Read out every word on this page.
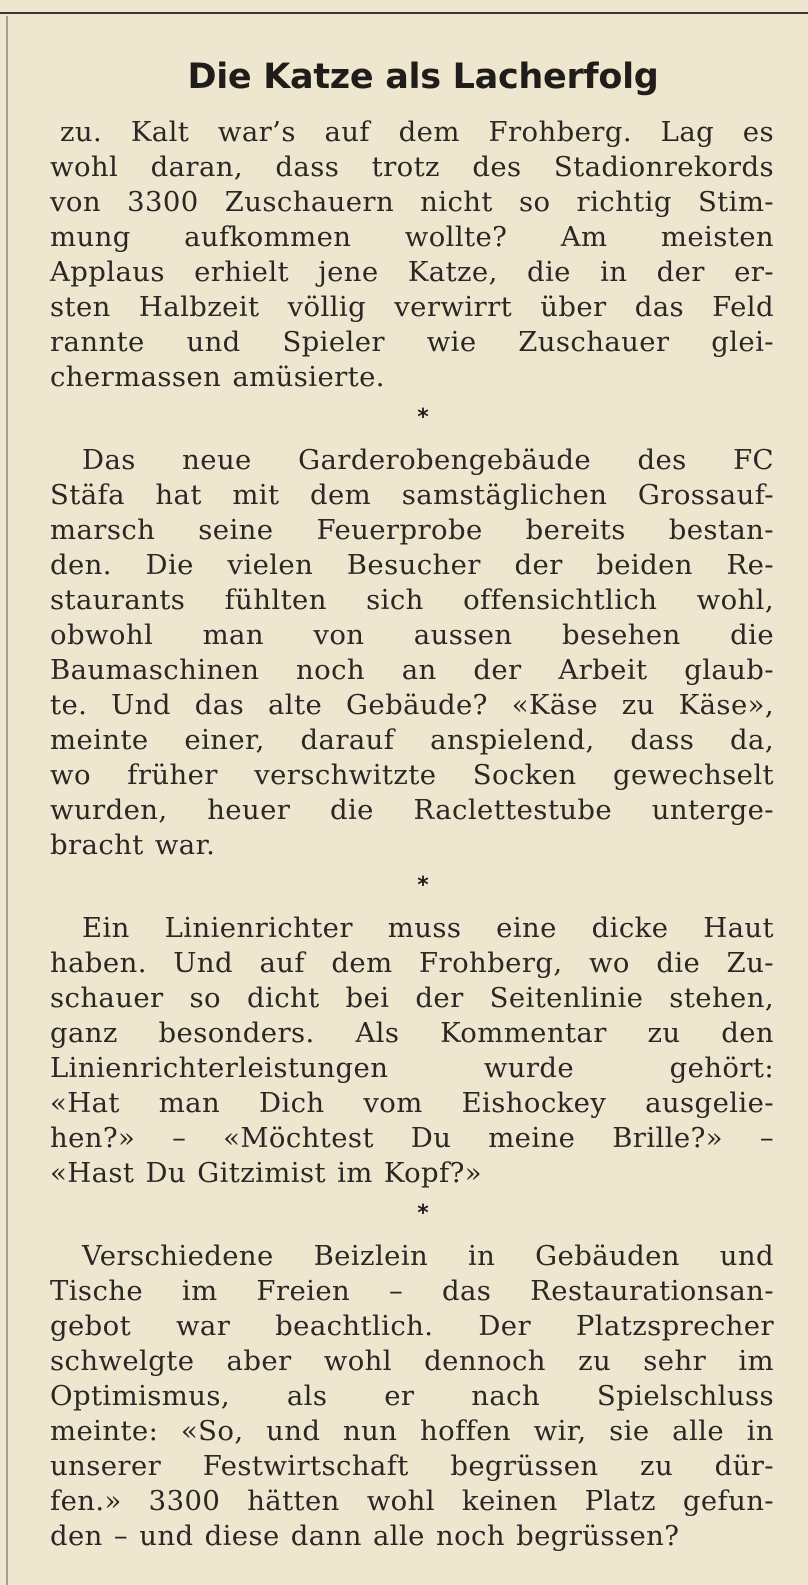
Die Katze als Lacherfolg
zu. Kalt war’s auf dem Frohberg. Lag es
wohl daran, dass trotz des Stadionrekords
von 3300 Zuschauern nicht so richtig Stim-
mung aufkommen wollte? Am meisten
Applaus erhielt jene Katze, die in der er-
sten Halbzeit völlig verwirrt über das Feld
rannte und Spieler wie Zuschauer glei-
chermassen amüsierte.
*
Das neue Garderobengebäude des FC
Stäfa hat mit dem samstäglichen Grossauf-
marsch seine Feuerprobe bereits bestan-
den. Die vielen Besucher der beiden Re-
staurants fühlten sich offensichtlich wohl,
obwohl man von aussen besehen die
Baumaschinen noch an der Arbeit glaub-
te. Und das alte Gebäude? «Käse zu Käse»,
meinte einer, darauf anspielend, dass da,
wo früher verschwitzte Socken gewechselt
wurden, heuer die Raclettestube unterge-
bracht war.
*
Ein Linienrichter muss eine dicke Haut
haben. Und auf dem Frohberg, wo die Zu-
schauer so dicht bei der Seitenlinie stehen,
ganz besonders. Als Kommentar zu den
Linienrichterleistungen wurde gehört:
«Hat man Dich vom Eishockey ausgelie-
hen?» – «Möchtest Du meine Brille?» –
«Hast Du Gitzimist im Kopf?»
*
Verschiedene Beizlein in Gebäuden und
Tische im Freien – das Restaurationsan-
gebot war beachtlich. Der Platzsprecher
schwelgte aber wohl dennoch zu sehr im
Optimismus, als er nach Spielschluss
meinte: «So, und nun hoffen wir, sie alle in
unserer Festwirtschaft begrüssen zu dür-
fen.» 3300 hätten wohl keinen Platz gefun-
den – und diese dann alle noch begrüssen?
